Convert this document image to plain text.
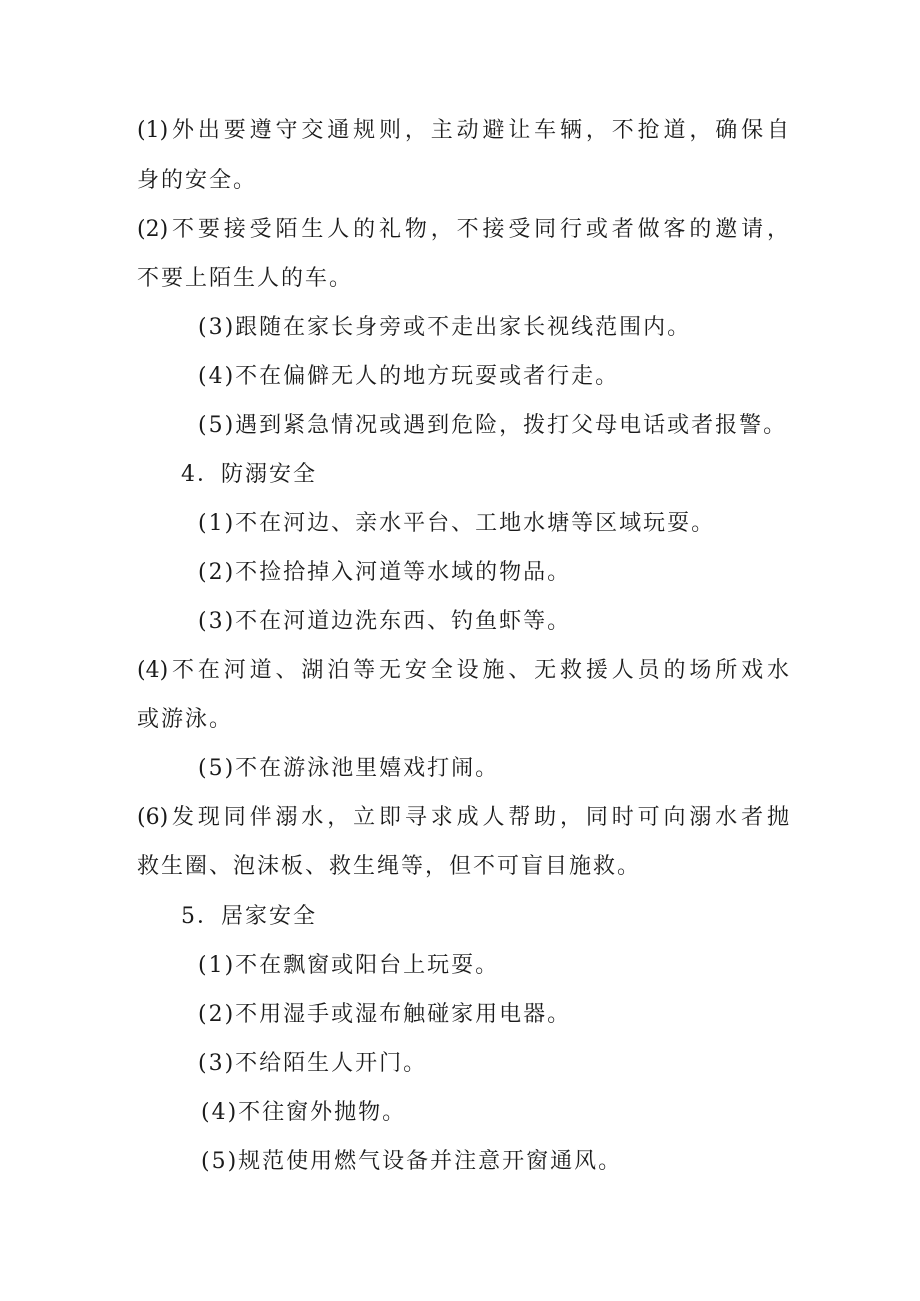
(1)外出要遵守交通规则，主动避让车辆，不抢道，确保自
身的安全。
(2)不要接受陌生人的礼物，不接受同行或者做客的邀请，
不要上陌生人的车。
(3)跟随在家长身旁或不走出家长视线范围内。
(4)不在偏僻无人的地方玩耍或者行走。
(5)遇到紧急情况或遇到危险，拨打父母电话或者报警。
4．防溺安全
(1)不在河边、亲水平台、工地水塘等区域玩耍。
(2)不捡拾掉入河道等水域的物品。
(3)不在河道边洗东西、钓鱼虾等。
(4)不在河道、湖泊等无安全设施、无救援人员的场所戏水
或游泳。
(5)不在游泳池里嬉戏打闹。
(6)发现同伴溺水，立即寻求成人帮助，同时可向溺水者抛
救生圈、泡沫板、救生绳等，但不可盲目施救。
5．居家安全
(1)不在飘窗或阳台上玩耍。
(2)不用湿手或湿布触碰家用电器。
(3)不给陌生人开门。
(4)不往窗外抛物。
(5)规范使用燃气设备并注意开窗通风。
